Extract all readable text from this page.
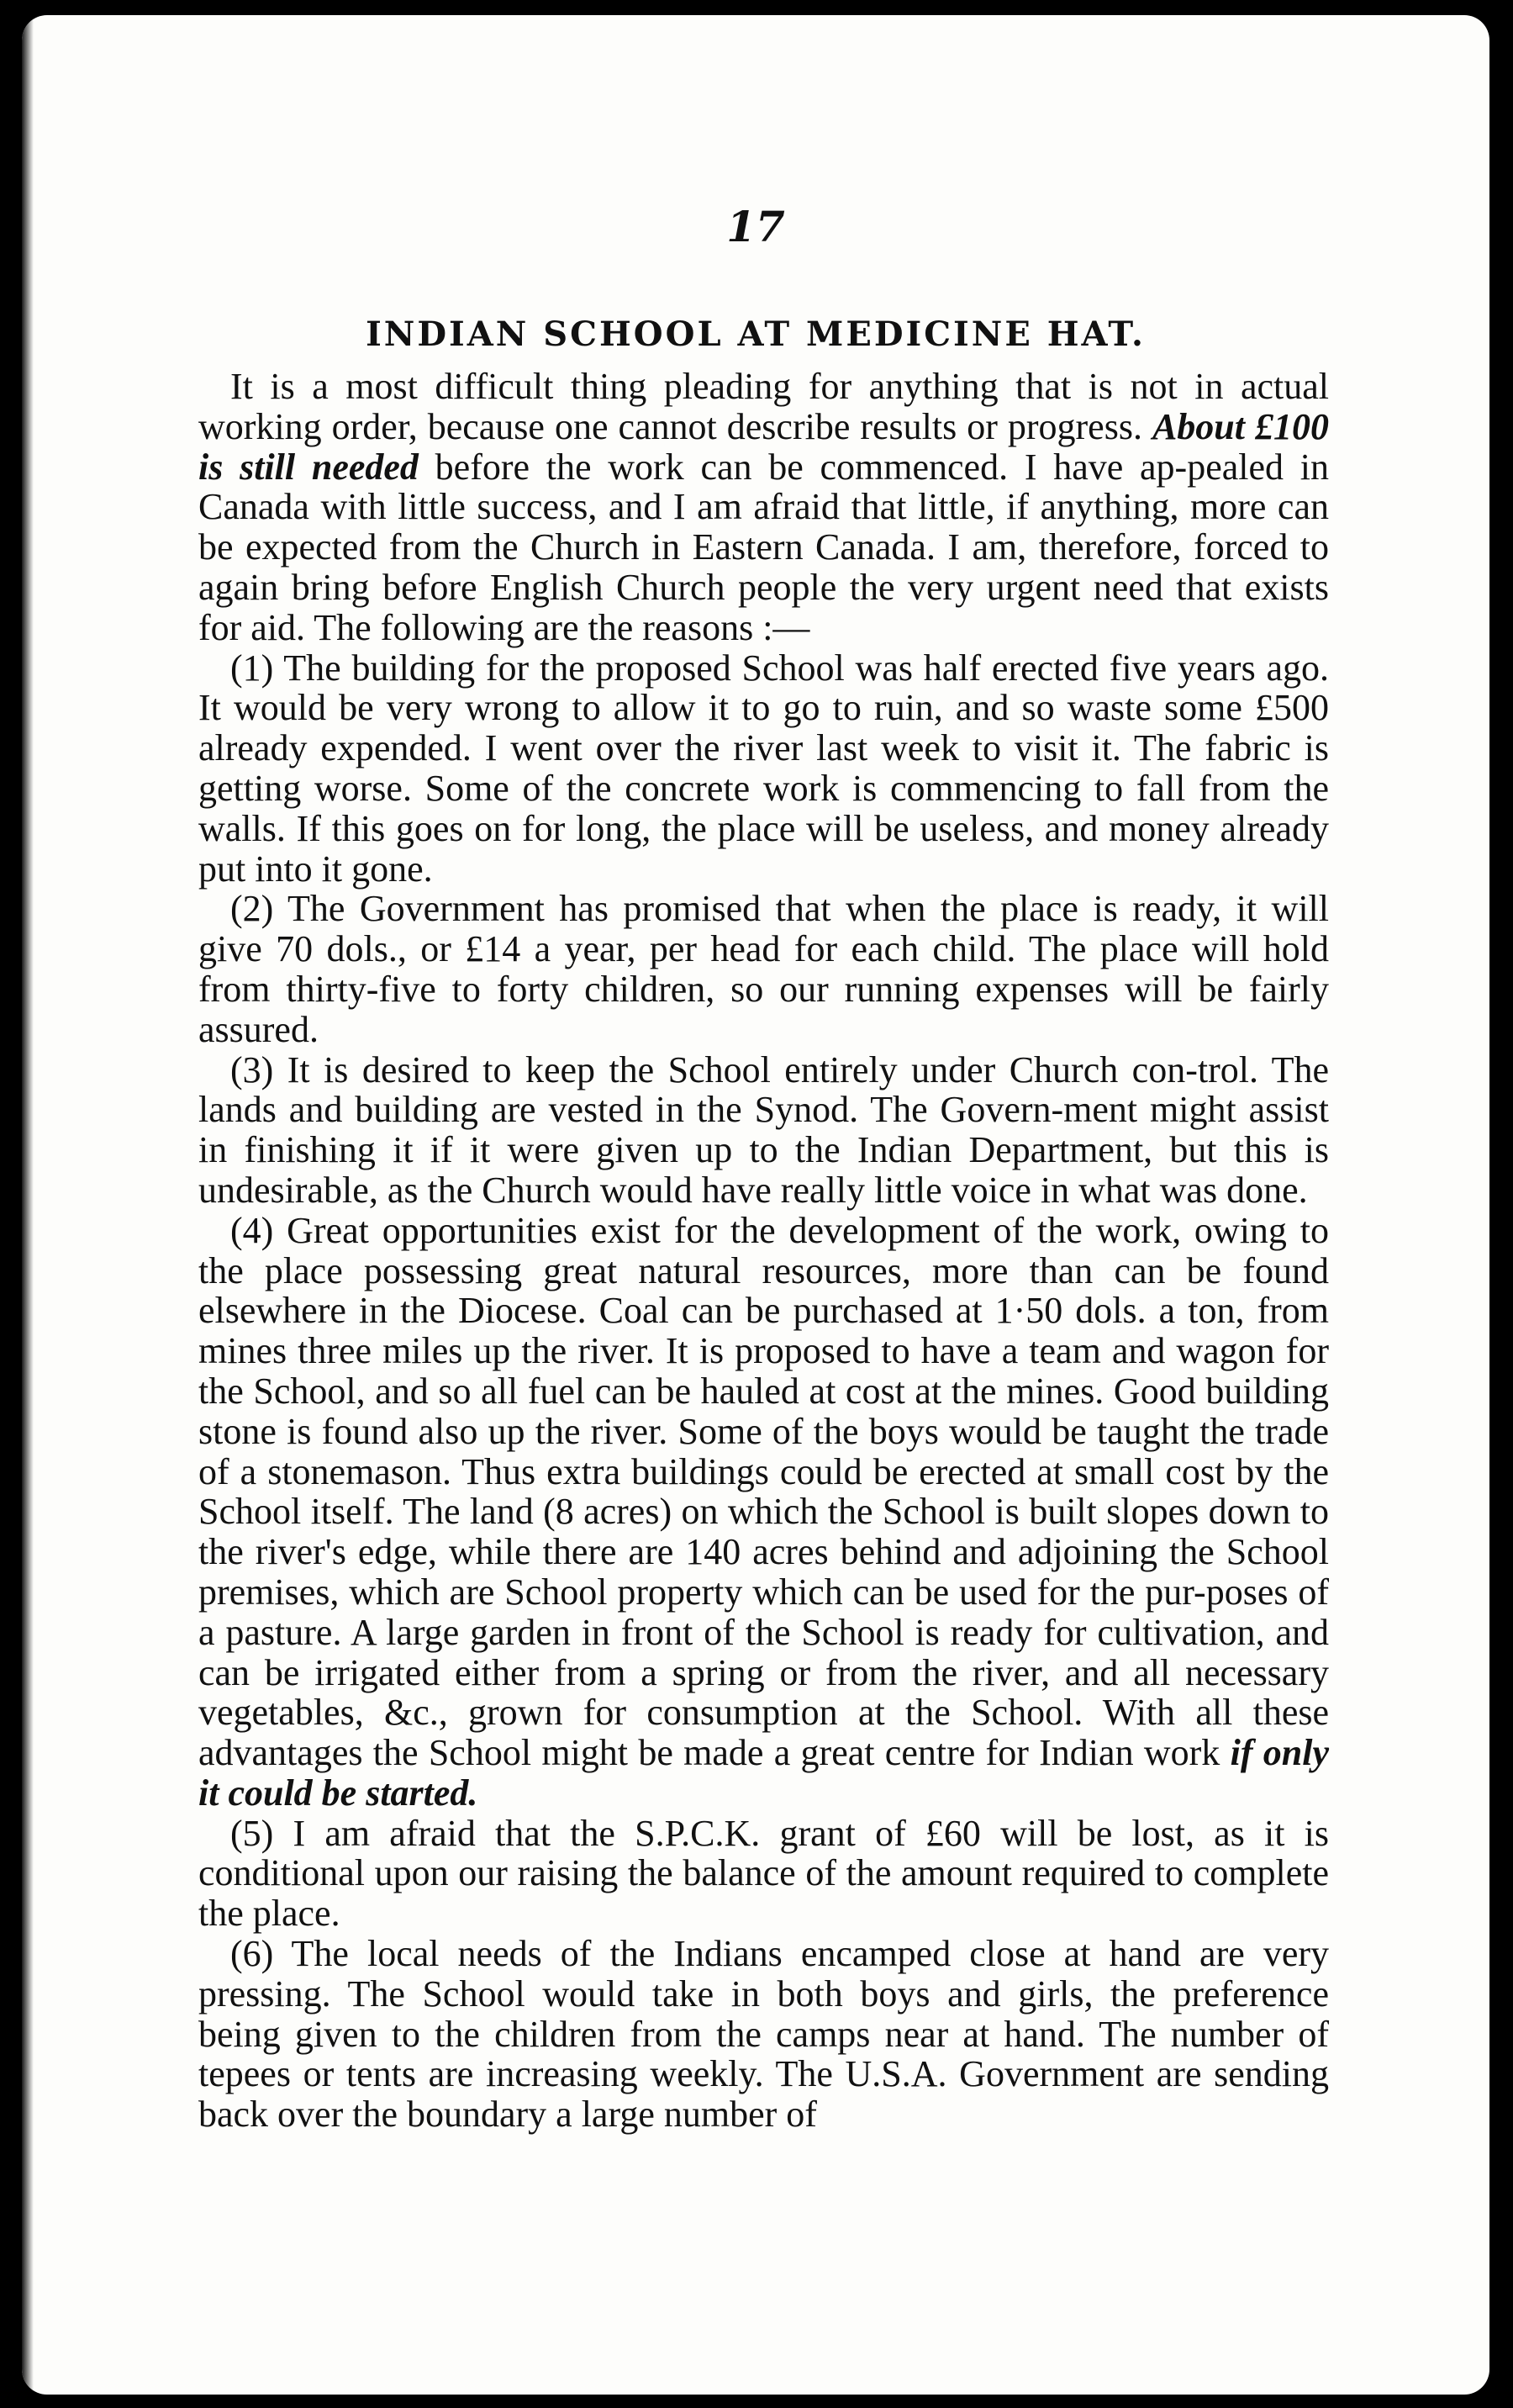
17
INDIAN SCHOOL AT MEDICINE HAT.

It is a most difficult thing pleading for anything that is not in actual working order, because one cannot describe results or progress. About £100 is still needed before the work can be commenced. I have ap-pealed in Canada with little success, and I am afraid that little, if anything, more can be expected from the Church in Eastern Canada. I am, therefore, forced to again bring before English Church people the very urgent need that exists for aid. The following are the reasons :—

(1) The building for the proposed School was half erected five years ago. It would be very wrong to allow it to go to ruin, and so waste some £500 already expended. I went over the river last week to visit it. The fabric is getting worse. Some of the concrete work is commencing to fall from the walls. If this goes on for long, the place will be useless, and money already put into it gone.

(2) The Government has promised that when the place is ready, it will give 70 dols., or £14 a year, per head for each child. The place will hold from thirty-five to forty children, so our running expenses will be fairly assured.

(3) It is desired to keep the School entirely under Church con-trol. The lands and building are vested in the Synod. The Govern-ment might assist in finishing it if it were given up to the Indian Department, but this is undesirable, as the Church would have really little voice in what was done.

(4) Great opportunities exist for the development of the work, owing to the place possessing great natural resources, more than can be found elsewhere in the Diocese. Coal can be purchased at 1·50 dols. a ton, from mines three miles up the river. It is proposed to have a team and wagon for the School, and so all fuel can be hauled at cost at the mines. Good building stone is found also up the river. Some of the boys would be taught the trade of a stonemason. Thus extra buildings could be erected at small cost by the School itself. The land (8 acres) on which the School is built slopes down to the river's edge, while there are 140 acres behind and adjoining the School premises, which are School property which can be used for the pur-poses of a pasture. A large garden in front of the School is ready for cultivation, and can be irrigated either from a spring or from the river, and all necessary vegetables, &c., grown for consumption at the School. With all these advantages the School might be made a great centre for Indian work if only it could be started.

(5) I am afraid that the S.P.C.K. grant of £60 will be lost, as it is conditional upon our raising the balance of the amount required to complete the place.

(6) The local needs of the Indians encamped close at hand are very pressing. The School would take in both boys and girls, the preference being given to the children from the camps near at hand. The number of tepees or tents are increasing weekly. The U.S.A. Government are sending back over the boundary a large number of
